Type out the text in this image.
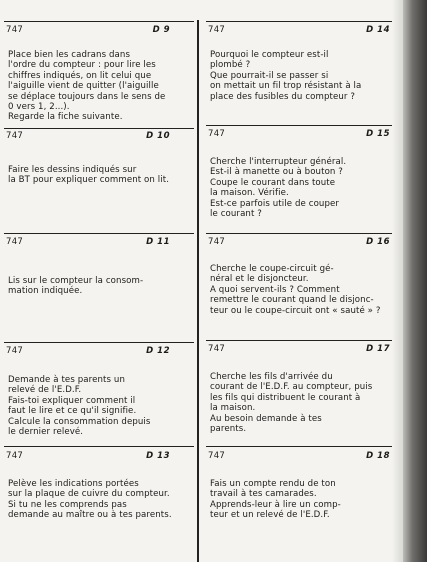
747	D 9
Place bien les cadrans dans
l'ordre du compteur : pour lire les
chiffres indiqués, on lit celui que
l'aiguille vient de quitter (l'aiguille
se déplace toujours dans le sens de
0 vers 1, 2...).
Regarde la fiche suivante.
747	D 14
Pourquoi le compteur est-il
plombé ?
Que pourrait-il se passer si
on mettait un fil trop résistant à la
place des fusibles du compteur ?
747	D 10
Faire les dessins indiqués sur
la BT pour expliquer comment on lit.
747	D 15
Cherche l'interrupteur général.
Est-il à manette ou à bouton ?
Coupe le courant dans toute
la maison. Vérifie.
Est-ce parfois utile de couper
le courant ?
747	D 11
Lis sur le compteur la consom-
mation indiquée.
747	D 16
Cherche le coupe-circuit gé-
néral et le disjoncteur.
A quoi servent-ils ? Comment
remettre le courant quand le disjonc-
teur ou le coupe-circuit ont « sauté » ?
747	D 12
Demande à tes parents un
relevé de l'E.D.F.
Fais-toi expliquer comment il
faut le lire et ce qu'il signifie.
Calcule la consommation depuis
le dernier relevé.
747	D 17
Cherche les fils d'arrivée du
courant de l'E.D.F. au compteur, puis
les fils qui distribuent le courant à
la maison.
Au besoin demande à tes
parents.
747	D 13
Pelève les indications portées
sur la plaque de cuivre du compteur.
Si tu ne les comprends pas
demande au maître ou à tes parents.
747	D 18
Fais un compte rendu de ton
travail à tes camarades.
Apprends-leur à lire un comp-
teur et un relevé de l'E.D.F.
